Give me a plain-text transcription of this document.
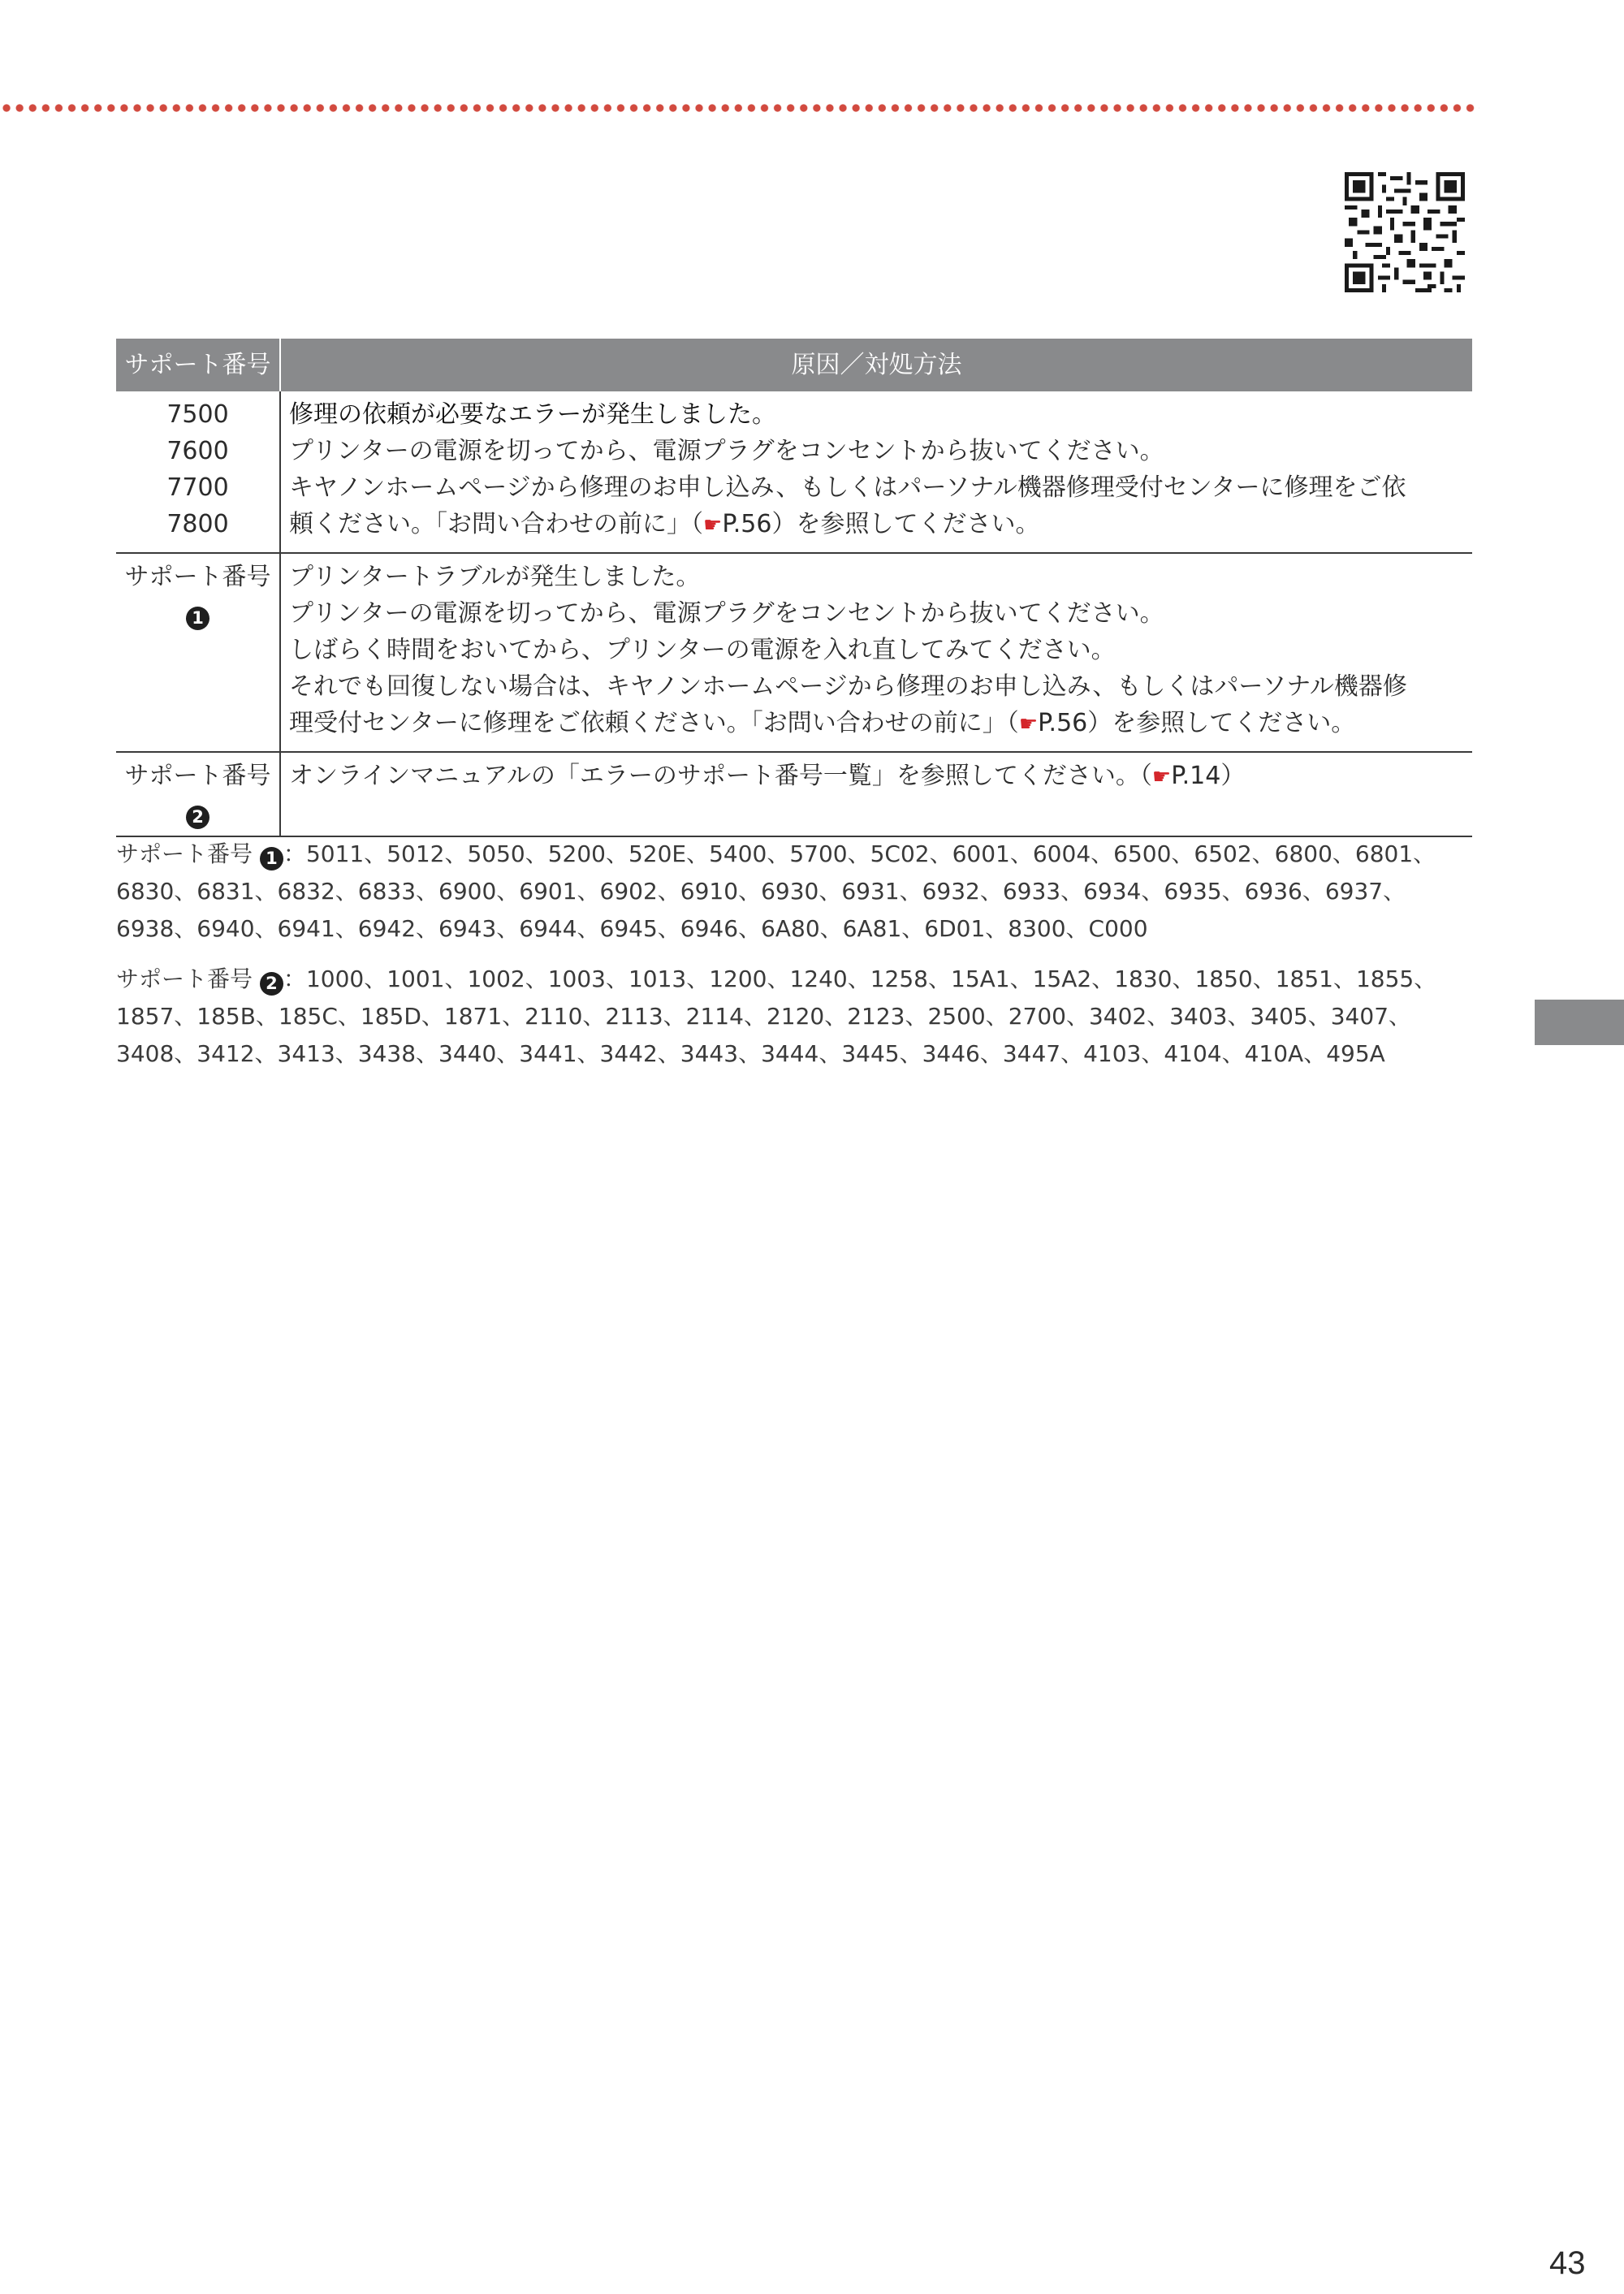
サポート番号	原因／対処方法

7500
7600
7700
7800	修理の依頼が必要なエラーが発生しました。
プリンターの電源を切ってから、電源プラグをコンセントから抜いてください。
キヤノンホームページから修理のお申し込み、もしくはパーソナル機器修理受付センターに修理をご依
頼ください。「お問い合わせの前に」（☛P.56）を参照してください。

サポート番号
1	プリンタートラブルが発生しました。
プリンターの電源を切ってから、電源プラグをコンセントから抜いてください。
しばらく時間をおいてから、プリンターの電源を入れ直してみてください。
それでも回復しない場合は、キヤノンホームページから修理のお申し込み、もしくはパーソナル機器修
理受付センターに修理をご依頼ください。「お問い合わせの前に」（☛P.56）を参照してください。

サポート番号
2	オンラインマニュアルの「エラーのサポート番号一覧」を参照してください。（☛P.14）
サポート番号 1 ：5011、5012、5050、5200、520E、5400、5700、5C02、6001、6004、6500、6502、6800、6801、
6830、6831、6832、6833、6900、6901、6902、6910、6930、6931、6932、6933、6934、6935、6936、6937、
6938、6940、6941、6942、6943、6944、6945、6946、6A80、6A81、6D01、8300、C000
サポート番号 2 ：1000、1001、1002、1003、1013、1200、1240、1258、15A1、15A2、1830、1850、1851、1855、
1857、185B、185C、185D、1871、2110、2113、2114、2120、2123、2500、2700、3402、3403、3405、3407、
3408、3412、3413、3438、3440、3441、3442、3443、3444、3445、3446、3447、4103、4104、410A、495A
43
